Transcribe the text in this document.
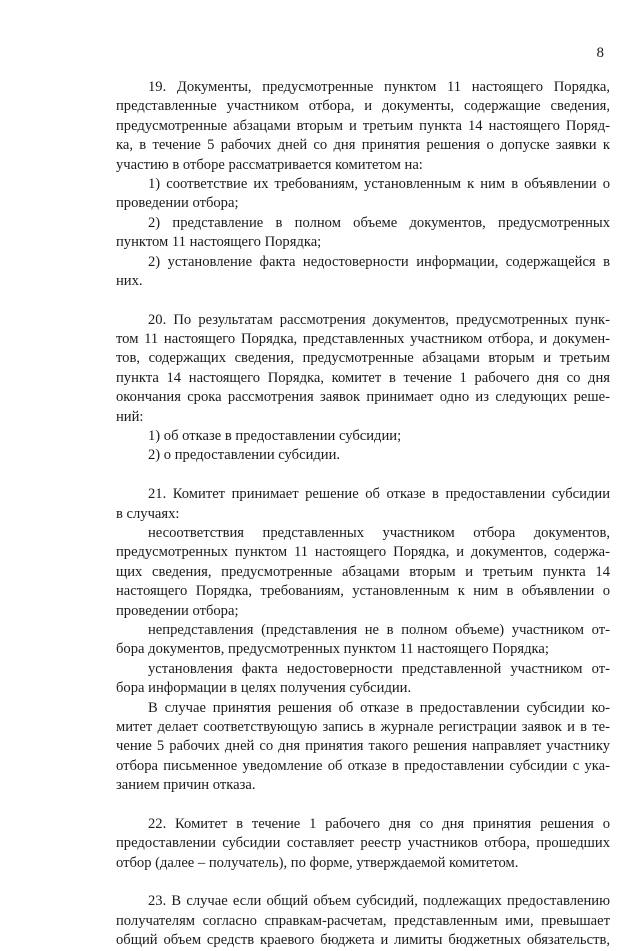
8
19. Документы, предусмотренные пунктом 11 настоящего Порядка,
представленные участником отбора, и документы, содержащие сведения,
предусмотренные абзацами вторым и третьим пункта 14 настоящего Поряд-
ка, в течение 5 рабочих дней со дня принятия решения о допуске заявки к
участию в отборе рассматривается комитетом на:
1) соответствие их требованиям, установленным к ним в объявлении о
проведении отбора;
2) представление в полном объеме документов, предусмотренных
пунктом 11 настоящего Порядка;
2) установление факта недостоверности информации, содержащейся в
них.
20. По результатам рассмотрения документов, предусмотренных пунк-
том 11 настоящего Порядка, представленных участником отбора, и докумен-
тов, содержащих сведения, предусмотренные абзацами вторым и третьим
пункта 14 настоящего Порядка, комитет в течение 1 рабочего дня со дня
окончания срока рассмотрения заявок принимает одно из следующих реше-
ний:
1) об отказе в предоставлении субсидии;
2) о предоставлении субсидии.
21. Комитет принимает решение об отказе в предоставлении субсидии
в случаях:
несоответствия представленных участником отбора документов,
предусмотренных пунктом 11 настоящего Порядка, и документов, содержа-
щих сведения, предусмотренные абзацами вторым и третьим пункта 14
настоящего Порядка, требованиям, установленным к ним в объявлении о
проведении отбора;
непредставления (представления не в полном объеме) участником от-
бора документов, предусмотренных пунктом 11 настоящего Порядка;
установления факта недостоверности представленной участником от-
бора информации в целях получения субсидии.
В случае принятия решения об отказе в предоставлении субсидии ко-
митет делает соответствующую запись в журнале регистрации заявок и в те-
чение 5 рабочих дней со дня принятия такого решения направляет участнику
отбора письменное уведомление об отказе в предоставлении субсидии с ука-
занием причин отказа.
22. Комитет в течение 1 рабочего дня со дня принятия решения о
предоставлении субсидии составляет реестр участников отбора, прошедших
отбор (далее – получатель), по форме, утверждаемой комитетом.
23. В случае если общий объем субсидий, подлежащих предоставлению
получателям согласно справкам-расчетам, представленным ими, превышает
общий объем средств краевого бюджета и лимиты бюджетных обязательств,
